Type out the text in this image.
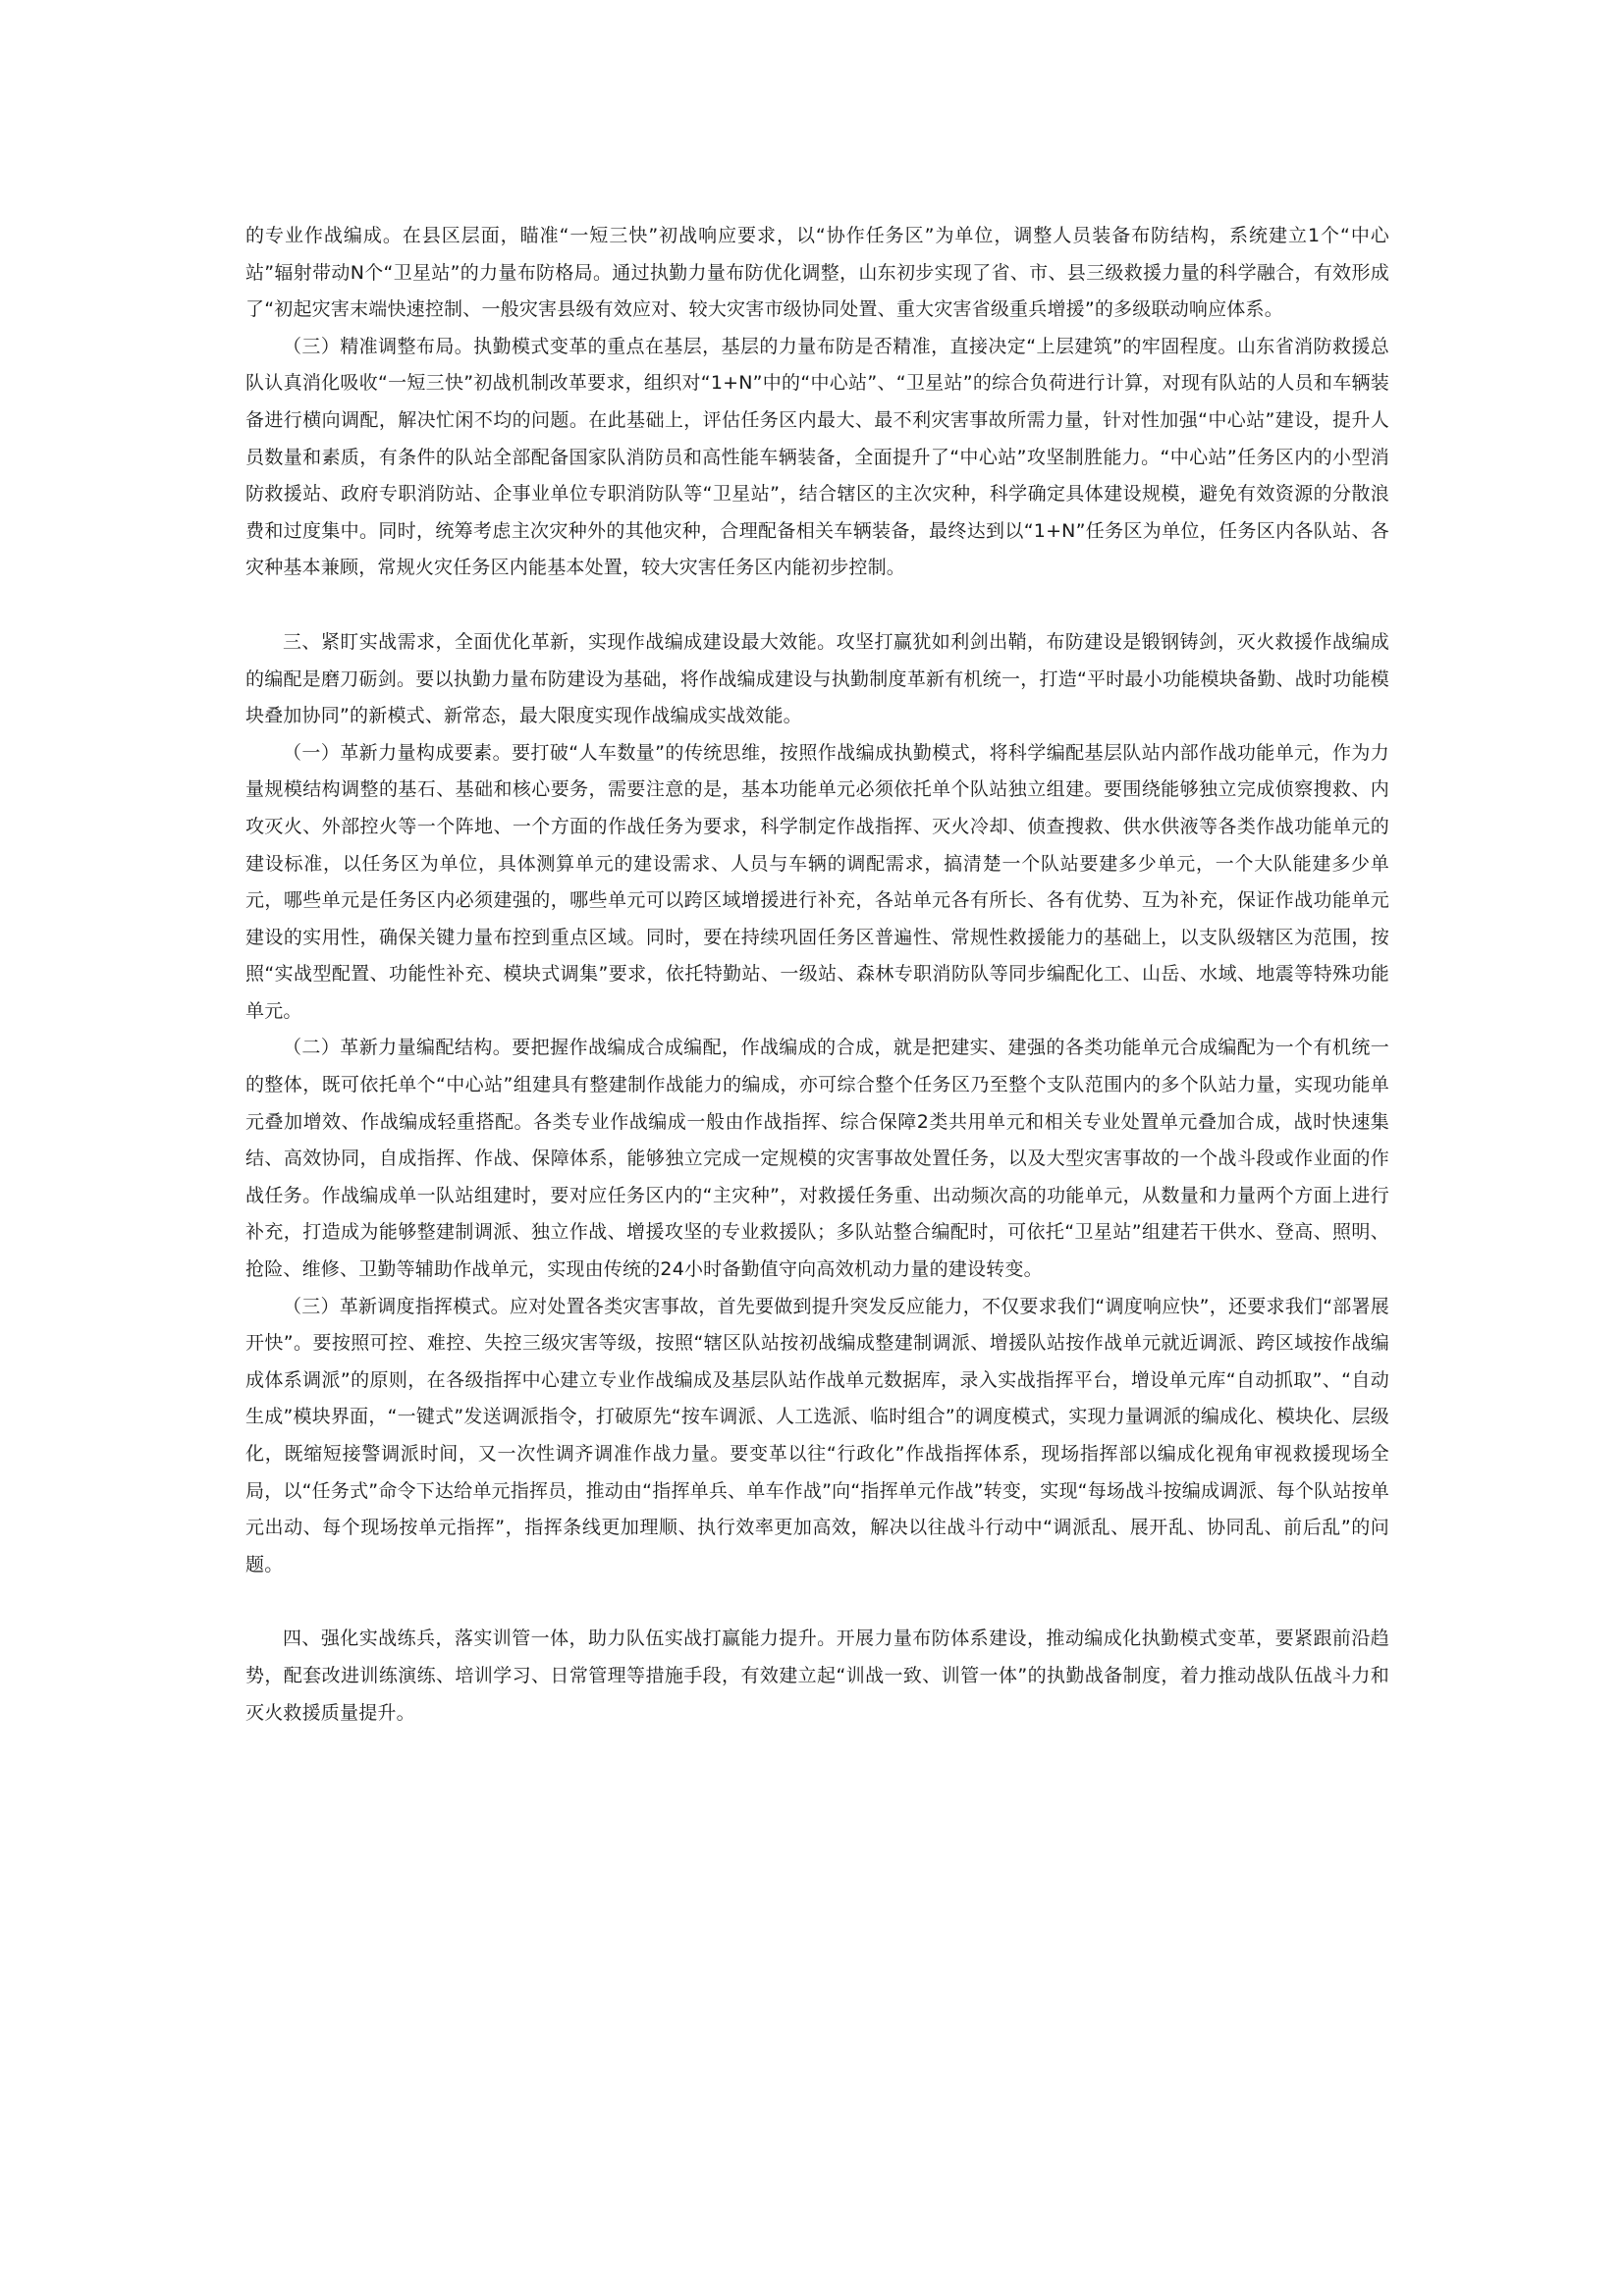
的专业作战编成。在县区层面，瞄准“一短三快”初战响应要求，以“协作任务区”为单位，调整人员装备布防结构，系统建立1个“中心站”辐射带动N个“卫星站”的力量布防格局。通过执勤力量布防优化调整，山东初步实现了省、市、县三级救援力量的科学融合，有效形成了“初起灾害末端快速控制、一般灾害县级有效应对、较大灾害市级协同处置、重大灾害省级重兵增援”的多级联动响应体系。

（三）精准调整布局。执勤模式变革的重点在基层，基层的力量布防是否精准，直接决定“上层建筑”的牢固程度。山东省消防救援总队认真消化吸收“一短三快”初战机制改革要求，组织对“1+N”中的“中心站”、“卫星站”的综合负荷进行计算，对现有队站的人员和车辆装备进行横向调配，解决忙闲不均的问题。在此基础上，评估任务区内最大、最不利灾害事故所需力量，针对性加强“中心站”建设，提升人员数量和素质，有条件的队站全部配备国家队消防员和高性能车辆装备，全面提升了“中心站”攻坚制胜能力。“中心站”任务区内的小型消防救援站、政府专职消防站、企事业单位专职消防队等“卫星站”，结合辖区的主次灾种，科学确定具体建设规模，避免有效资源的分散浪费和过度集中。同时，统筹考虑主次灾种外的其他灾种，合理配备相关车辆装备，最终达到以“1+N”任务区为单位，任务区内各队站、各灾种基本兼顾，常规火灾任务区内能基本处置，较大灾害任务区内能初步控制。

三、紧盯实战需求，全面优化革新，实现作战编成建设最大效能。攻坚打赢犹如利剑出鞘，布防建设是锻钢铸剑，灭火救援作战编成的编配是磨刀砺剑。要以执勤力量布防建设为基础，将作战编成建设与执勤制度革新有机统一，打造“平时最小功能模块备勤、战时功能模块叠加协同”的新模式、新常态，最大限度实现作战编成实战效能。

（一）革新力量构成要素。要打破“人车数量”的传统思维，按照作战编成执勤模式，将科学编配基层队站内部作战功能单元，作为力量规模结构调整的基石、基础和核心要务，需要注意的是，基本功能单元必须依托单个队站独立组建。要围绕能够独立完成侦察搜救、内攻灭火、外部控火等一个阵地、一个方面的作战任务为要求，科学制定作战指挥、灭火冷却、侦查搜救、供水供液等各类作战功能单元的建设标准，以任务区为单位，具体测算单元的建设需求、人员与车辆的调配需求，搞清楚一个队站要建多少单元，一个大队能建多少单元，哪些单元是任务区内必须建强的，哪些单元可以跨区域增援进行补充，各站单元各有所长、各有优势、互为补充，保证作战功能单元建设的实用性，确保关键力量布控到重点区域。同时，要在持续巩固任务区普遍性、常规性救援能力的基础上，以支队级辖区为范围，按照“实战型配置、功能性补充、模块式调集”要求，依托特勤站、一级站、森林专职消防队等同步编配化工、山岳、水域、地震等特殊功能单元。

（二）革新力量编配结构。要把握作战编成合成编配，作战编成的合成，就是把建实、建强的各类功能单元合成编配为一个有机统一的整体，既可依托单个“中心站”组建具有整建制作战能力的编成，亦可综合整个任务区乃至整个支队范围内的多个队站力量，实现功能单元叠加增效、作战编成轻重搭配。各类专业作战编成一般由作战指挥、综合保障2类共用单元和相关专业处置单元叠加合成，战时快速集结、高效协同，自成指挥、作战、保障体系，能够独立完成一定规模的灾害事故处置任务，以及大型灾害事故的一个战斗段或作业面的作战任务。作战编成单一队站组建时，要对应任务区内的“主灾种”，对救援任务重、出动频次高的功能单元，从数量和力量两个方面上进行补充，打造成为能够整建制调派、独立作战、增援攻坚的专业救援队；多队站整合编配时，可依托“卫星站”组建若干供水、登高、照明、抢险、维修、卫勤等辅助作战单元，实现由传统的24小时备勤值守向高效机动力量的建设转变。

（三）革新调度指挥模式。应对处置各类灾害事故，首先要做到提升突发反应能力，不仅要求我们“调度响应快”，还要求我们“部署展开快”。要按照可控、难控、失控三级灾害等级，按照“辖区队站按初战编成整建制调派、增援队站按作战单元就近调派、跨区域按作战编成体系调派”的原则，在各级指挥中心建立专业作战编成及基层队站作战单元数据库，录入实战指挥平台，增设单元库“自动抓取”、“自动生成”模块界面，“一键式”发送调派指令，打破原先“按车调派、人工选派、临时组合”的调度模式，实现力量调派的编成化、模块化、层级化，既缩短接警调派时间，又一次性调齐调准作战力量。要变革以往“行政化”作战指挥体系，现场指挥部以编成化视角审视救援现场全局，以“任务式”命令下达给单元指挥员，推动由“指挥单兵、单车作战”向“指挥单元作战”转变，实现“每场战斗按编成调派、每个队站按单元出动、每个现场按单元指挥”，指挥条线更加理顺、执行效率更加高效，解决以往战斗行动中“调派乱、展开乱、协同乱、前后乱”的问题。

四、强化实战练兵，落实训管一体，助力队伍实战打赢能力提升。开展力量布防体系建设，推动编成化执勤模式变革，要紧跟前沿趋势，配套改进训练演练、培训学习、日常管理等措施手段，有效建立起“训战一致、训管一体”的执勤战备制度，着力推动战队伍战斗力和灭火救援质量提升。
